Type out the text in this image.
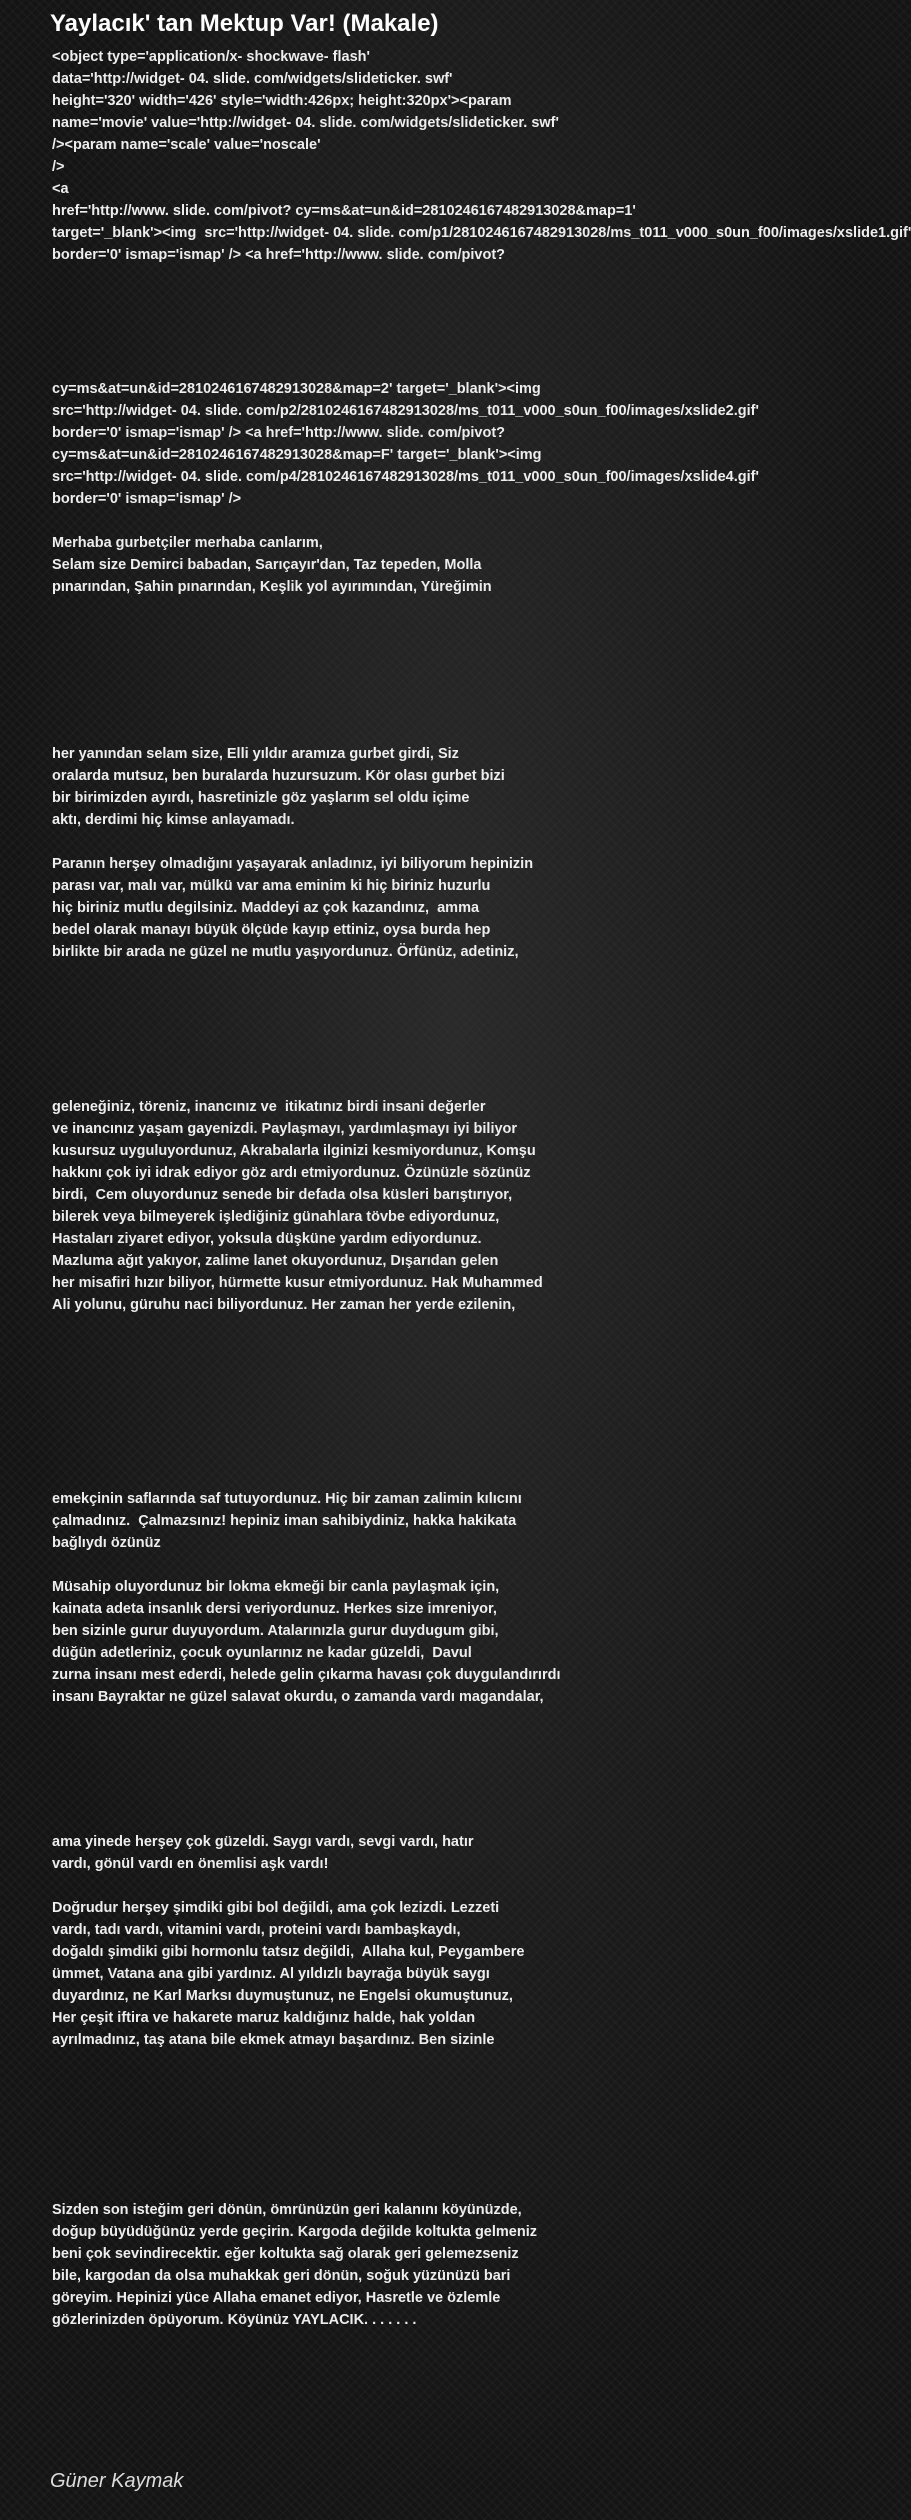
Yaylacık' tan Mektup Var! (Makale)
<object type='application/x- shockwave- flash'
data='http://widget- 04. slide. com/widgets/slideticker. swf'
height='320' width='426' style='width:426px; height:320px'><param
name='movie' value='http://widget- 04. slide. com/widgets/slideticker. swf'
/><param name='scale' value='noscale'
/>
<a
href='http://www. slide. com/pivot? cy=ms&at=un&id=2810246167482913028&map=1'
target='_blank'><img  src='http://widget- 04. slide. com/p1/2810246167482913028/ms_t011_v000_s0un_f00/images/xslide1.gif'
border='0' ismap='ismap' /> <a href='http://www. slide. com/pivot?
cy=ms&at=un&id=2810246167482913028&map=2' target='_blank'><img
src='http://widget- 04. slide. com/p2/2810246167482913028/ms_t011_v000_s0un_f00/images/xslide2.gif'
border='0' ismap='ismap' /> <a href='http://www. slide. com/pivot?
cy=ms&at=un&id=2810246167482913028&map=F' target='_blank'><img
src='http://widget- 04. slide. com/p4/2810246167482913028/ms_t011_v000_s0un_f00/images/xslide4.gif'
border='0' ismap='ismap' />
Merhaba gurbetçiler merhaba canlarım,
Selam size Demirci babadan, Sarıçayır'dan, Taz tepeden, Molla
pınarından, Şahin pınarından, Keşlik yol ayırımından, Yüreğimin
her yanından selam size, Elli yıldır aramıza gurbet girdi, Siz
oralarda mutsuz, ben buralarda huzursuzum. Kör olası gurbet bizi
bir birimizden ayırdı, hasretinizle göz yaşlarım sel oldu içime
aktı, derdimi hiç kimse anlayamadı.
Paranın herşey olmadığını yaşayarak anladınız, iyi biliyorum hepinizin
parası var, malı var, mülkü var ama eminim ki hiç biriniz huzurlu
hiç biriniz mutlu degilsiniz. Maddeyi az çok kazandınız,  amma
bedel olarak manayı büyük ölçüde kayıp ettiniz, oysa burda hep
birlikte bir arada ne güzel ne mutlu yaşıyordunuz. Örfünüz, adetiniz,
geleneğiniz, töreniz, inancınız ve  itikatınız birdi insani değerler
ve inancınız yaşam gayenizdi. Paylaşmayı, yardımlaşmayı iyi biliyor
kusursuz uyguluyordunuz, Akrabalarla ilginizi kesmiyordunuz, Komşu
hakkını çok iyi idrak ediyor göz ardı etmiyordunuz. Özünüzle sözünüz
birdi,  Cem oluyordunuz senede bir defada olsa küsleri barıştırıyor,
bilerek veya bilmeyerek işlediğiniz günahlara tövbe ediyordunuz,
Hastaları ziyaret ediyor, yoksula düşküne yardım ediyordunuz.
Mazluma ağıt yakıyor, zalime lanet okuyordunuz, Dışarıdan gelen
her misafiri hızır biliyor, hürmette kusur etmiyordunuz. Hak Muhammed
Ali yolunu, güruhu naci biliyordunuz. Her zaman her yerde ezilenin,
emekçinin saflarında saf tutuyordunuz. Hiç bir zaman zalimin kılıcını
çalmadınız.  Çalmazsınız! hepiniz iman sahibiydiniz, hakka hakikata
bağlıydı özünüz
Müsahip oluyordunuz bir lokma ekmeği bir canla paylaşmak için,
kainata adeta insanlık dersi veriyordunuz. Herkes size imreniyor,
ben sizinle gurur duyuyordum. Atalarınızla gurur duydugum gibi,
düğün adetleriniz, çocuk oyunlarınız ne kadar güzeldi,  Davul
zurna insanı mest ederdi, helede gelin çıkarma havası çok duygulandırırdı
insanı Bayraktar ne güzel salavat okurdu, o zamanda vardı magandalar,
ama yinede herşey çok güzeldi. Saygı vardı, sevgi vardı, hatır
vardı, gönül vardı en önemlisi aşk vardı!
Doğrudur herşey şimdiki gibi bol değildi, ama çok lezizdi. Lezzeti
vardı, tadı vardı, vitamini vardı, proteini vardı bambaşkaydı,
doğaldı şimdiki gibi hormonlu tatsız değildi,  Allaha kul, Peygambere
ümmet, Vatana ana gibi yardınız. Al yıldızlı bayrağa büyük saygı
duyardınız, ne Karl Marksı duymuştunuz, ne Engelsi okumuştunuz,
Her çeşit iftira ve hakarete maruz kaldığınız halde, hak yoldan
ayrılmadınız, taş atana bile ekmek atmayı başardınız. Ben sizinle
Sizden son isteğim geri dönün, ömrünüzün geri kalanını köyünüzde,
doğup büyüdüğünüz yerde geçirin. Kargoda değilde koltukta gelmeniz
beni çok sevindirecektir. eğer koltukta sağ olarak geri gelemezseniz
bile, kargodan da olsa muhakkak geri dönün, soğuk yüzünüzü bari
göreyim. Hepinizi yüce Allaha emanet ediyor, Hasretle ve özlemle
gözlerinizden öpüyorum. Köyünüz YAYLACIK. . . . . . .
Güner Kaymak
